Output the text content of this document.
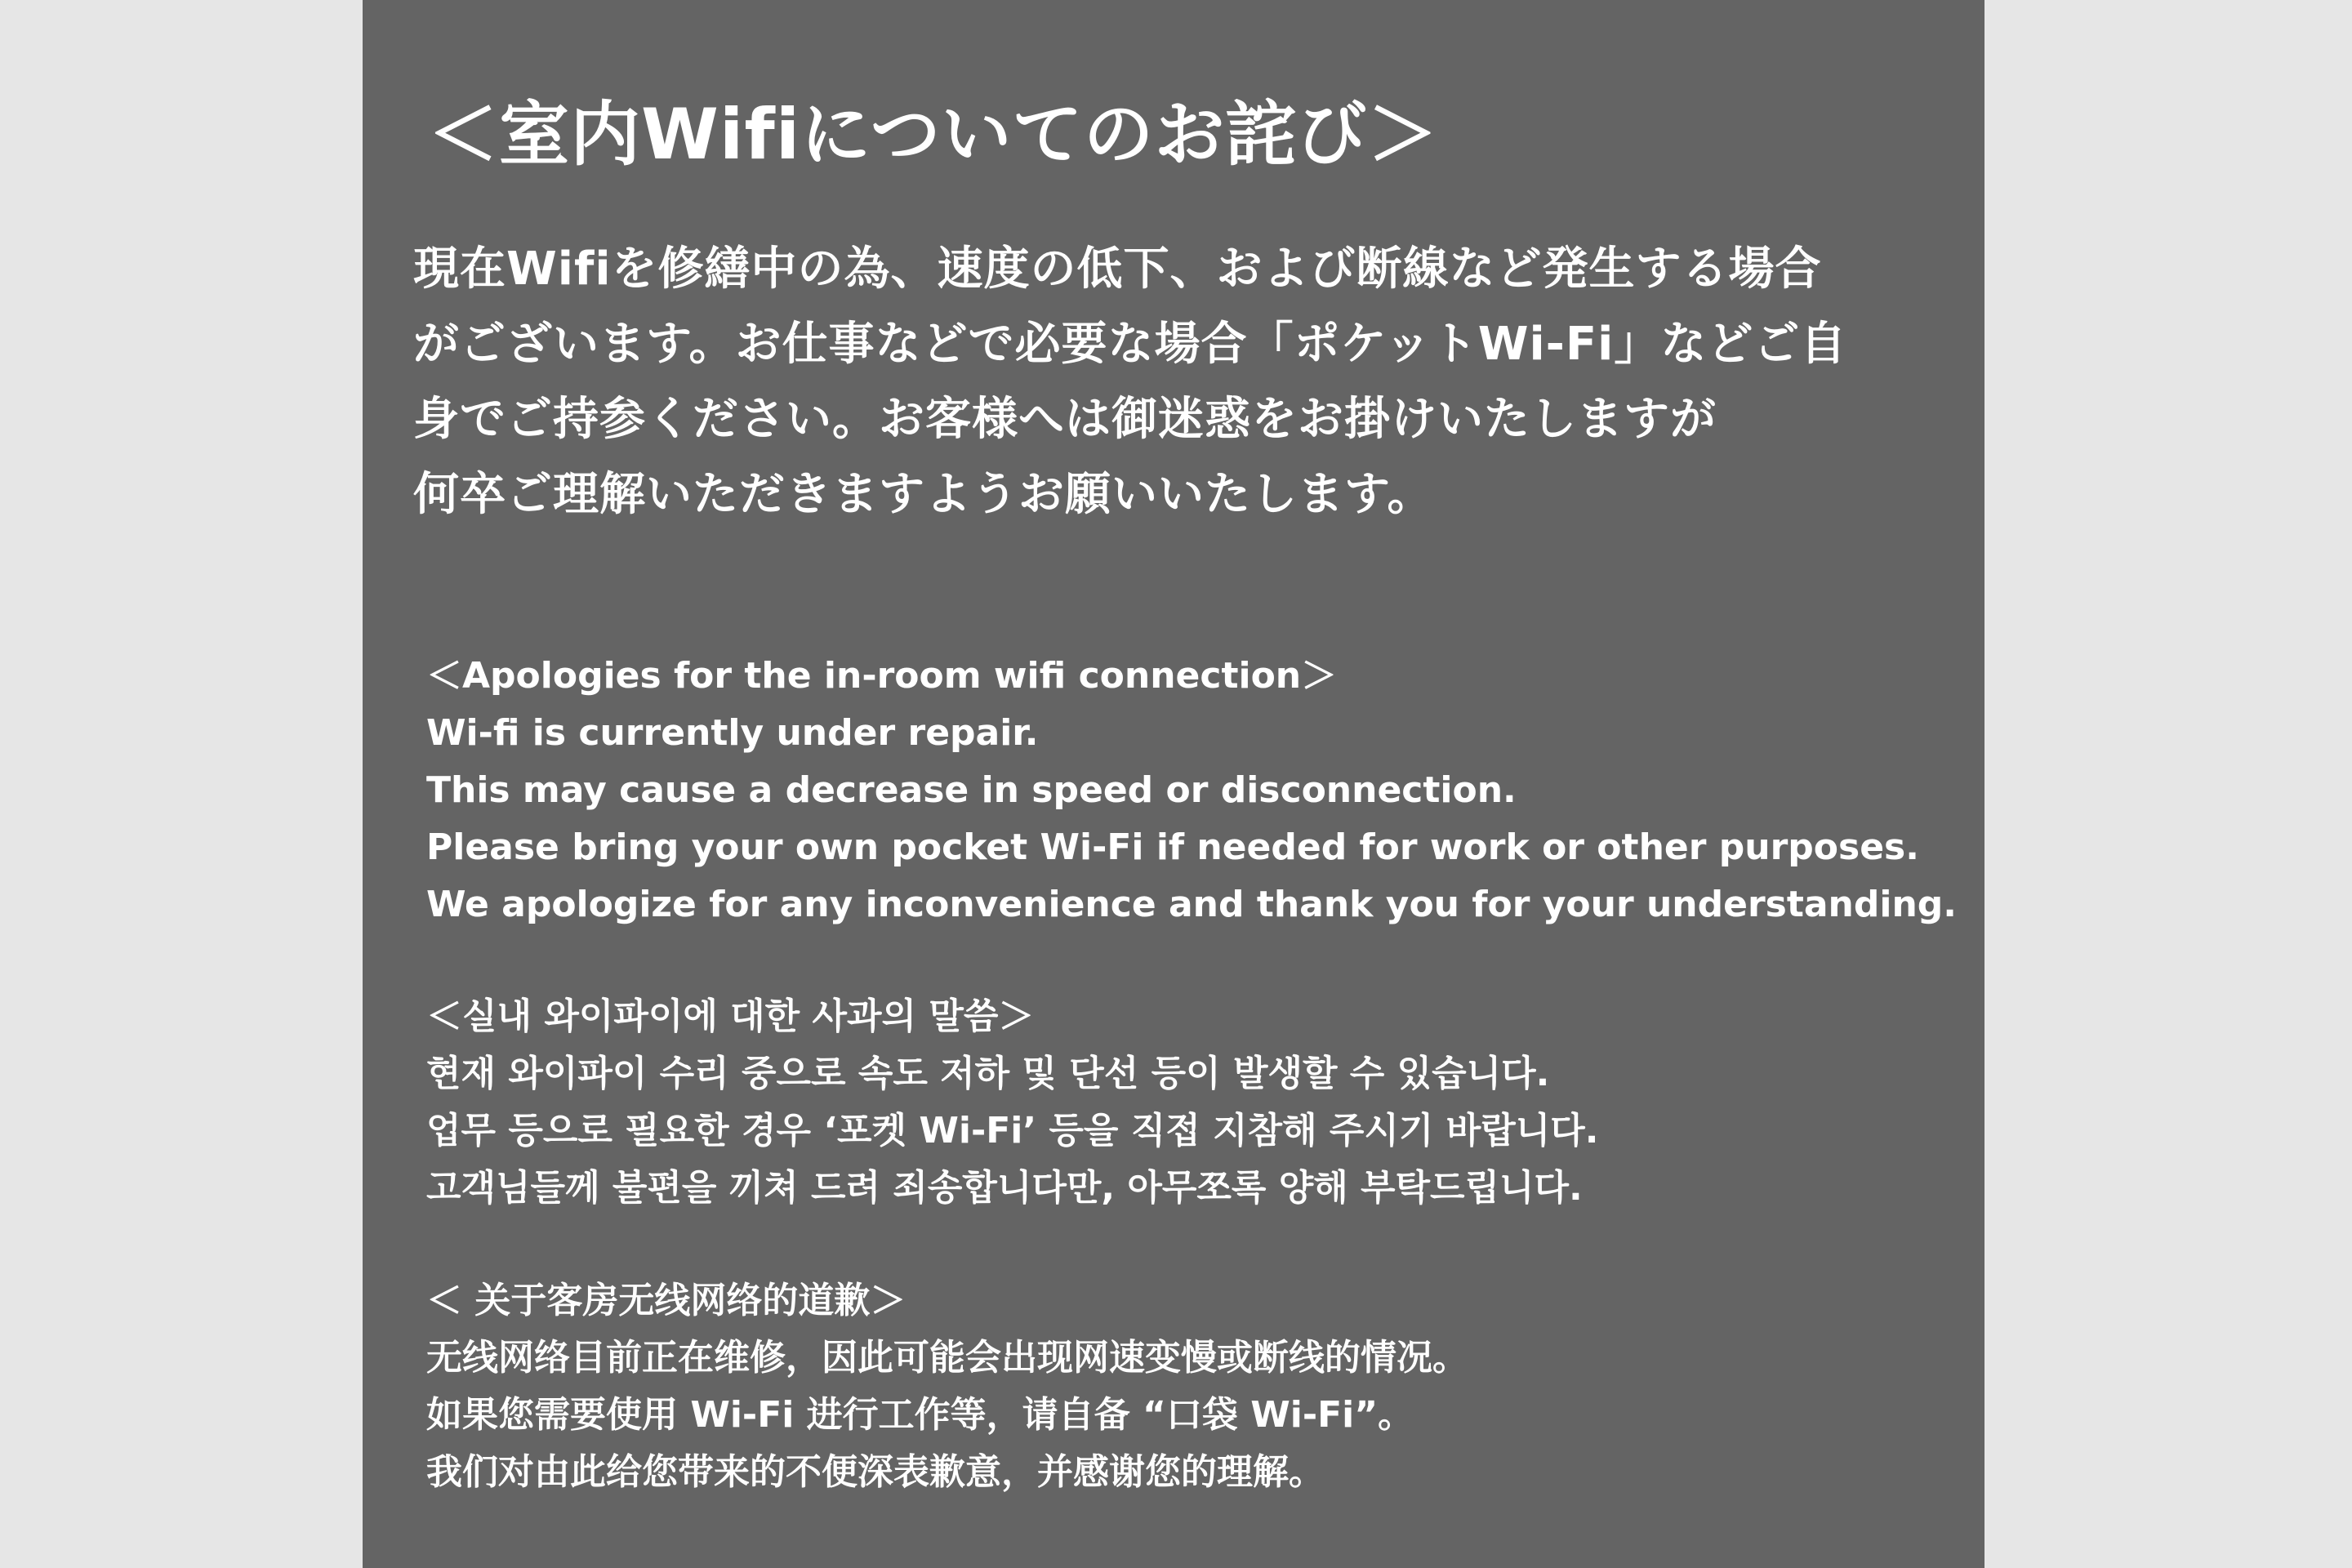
＜室内Wifiについてのお詫び＞
現在Wifiを修繕中の為、速度の低下、および断線など発生する場合
がございます。お仕事などで必要な場合「ポケットWi-Fi」などご自
身でご持参ください。お客様へは御迷惑をお掛けいたしますが
何卒ご理解いただきますようお願いいたします。
＜Apologies for the in-room wifi connection＞
Wi-fi is currently under repair.
This may cause a decrease in speed or disconnection.
Please bring your own pocket Wi-Fi if needed for work or other purposes.
We apologize for any inconvenience and thank you for your understanding.
＜실내 와이파이에 대한 사과의 말씀＞
현재 와이파이 수리 중으로 속도 저하 및 단선 등이 발생할 수 있습니다.
업무 등으로 필요한 경우 ‘포켓 Wi-Fi’ 등을 직접 지참해 주시기 바랍니다.
고객님들께 불편을 끼쳐 드려 죄송합니다만, 아무쪼록 양해 부탁드립니다.
＜ 关于客房无线网络的道歉＞
无线网络目前正在维修，因此可能会出现网速变慢或断线的情况。
如果您需要使用 Wi-Fi 进行工作等，请自备 “口袋 Wi-Fi”。
我们对由此给您带来的不便深表歉意，并感谢您的理解。
